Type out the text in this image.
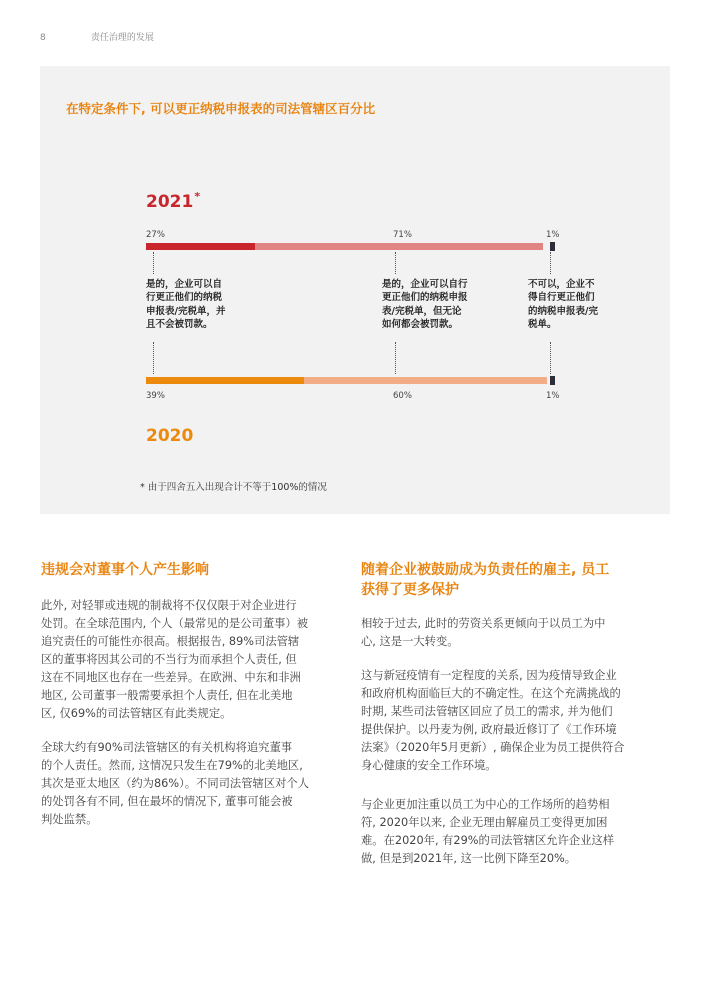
8	责任治理的发展
在特定条件下, 可以更正纳税申报表的司法管辖区百分比
* 由于四舍五入出现合计不等于100%的情况
2021*
27%	71%	1%
2020
39%	60%	1%
是的，企业可以自
行更正他们的纳税
申报表/完税单，并
且不会被罚款。
是的，企业可以自行
更正他们的纳税申报
表/完税单，但无论
如何都会被罚款。
不可以，企业不
得自行更正他们
的纳税申报表/完
税单。
违规会对董事个人产生影响
此外, 对轻罪或违规的制裁将不仅仅限于对企业进行
处罚。在全球范围内, 个人（最常见的是公司董事）被
追究责任的可能性亦很高。根据报告, 89%司法管辖
区的董事将因其公司的不当行为而承担个人责任, 但
这在不同地区也存在一些差异。在欧洲、中东和非洲
地区, 公司董事一般需要承担个人责任, 但在北美地
区, 仅69%的司法管辖区有此类规定。
全球大约有90%司法管辖区的有关机构将追究董事
的个人责任。然而, 这情况只发生在79%的北美地区,
其次是亚太地区（约为86%）。不同司法管辖区对个人
的处罚各有不同, 但在最坏的情况下, 董事可能会被
判处监禁。
随着企业被鼓励成为负责任的雇主, 员工
获得了更多保护
相较于过去, 此时的劳资关系更倾向于以员工为中
心, 这是一大转变。
这与新冠疫情有一定程度的关系, 因为疫情导致企业
和政府机构面临巨大的不确定性。在这个充满挑战的
时期, 某些司法管辖区回应了员工的需求, 并为他们
提供保护。以丹麦为例, 政府最近修订了《工作环境
法案》（2020年5月更新）, 确保企业为员工提供符合
身心健康的安全工作环境。
与企业更加注重以员工为中心的工作场所的趋势相
符, 2020年以来, 企业无理由解雇员工变得更加困
难。在2020年, 有29%的司法管辖区允许企业这样
做, 但是到2021年, 这一比例下降至20%。
